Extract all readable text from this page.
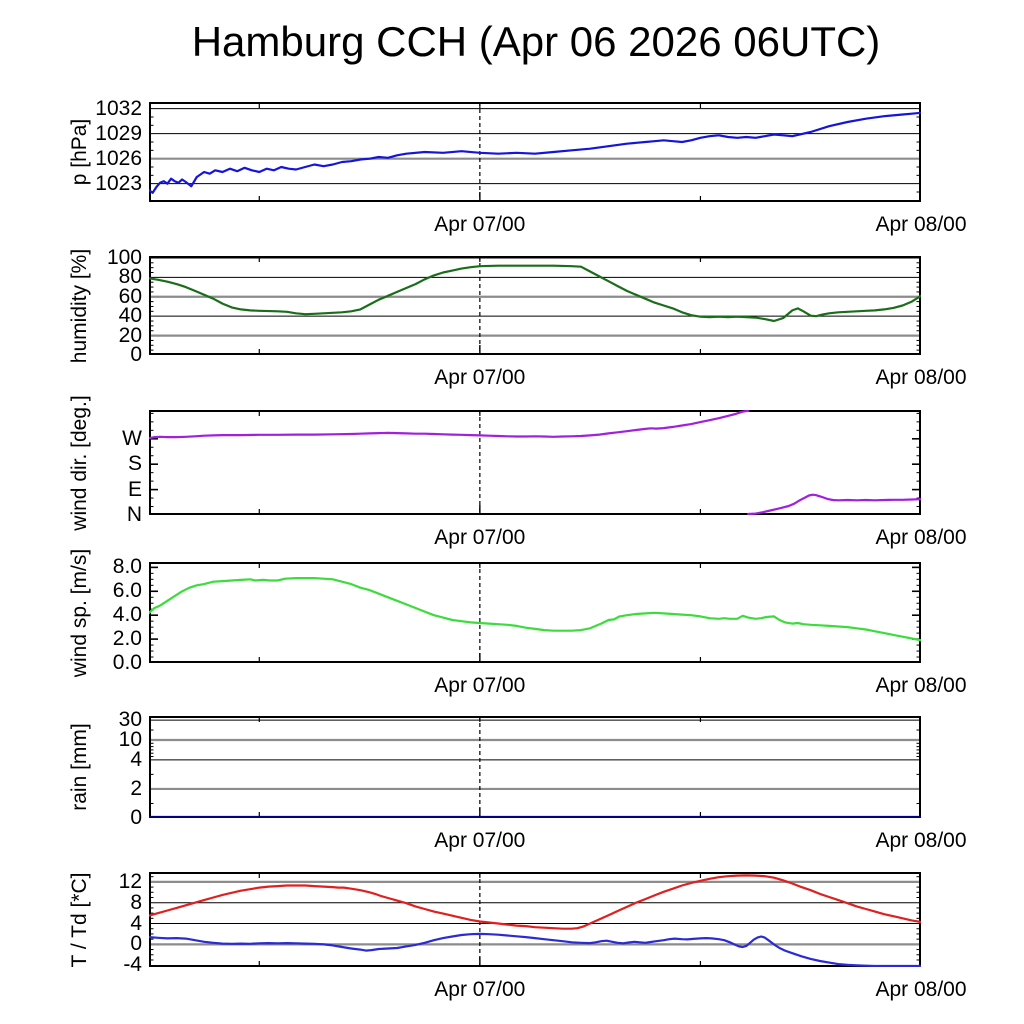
Hamburg CCH (Apr 06 2026 06UTC)
1023
1026
1029
1032
Apr 07/00	Apr 08/00
p [hPa]
0
20
40
60
80
100
Apr 07/00	Apr 08/00
humidity [%]
N
E
S
W
Apr 07/00	Apr 08/00
wind dir. [deg.]
0.0
2.0
4.0
6.0
8.0
Apr 07/00	Apr 08/00
wind sp. [m/s]
0
2
4
10
30
Apr 07/00	Apr 08/00
rain [mm]
-4
0
4
8
12
Apr 07/00	Apr 08/00
T / Td [*C]
